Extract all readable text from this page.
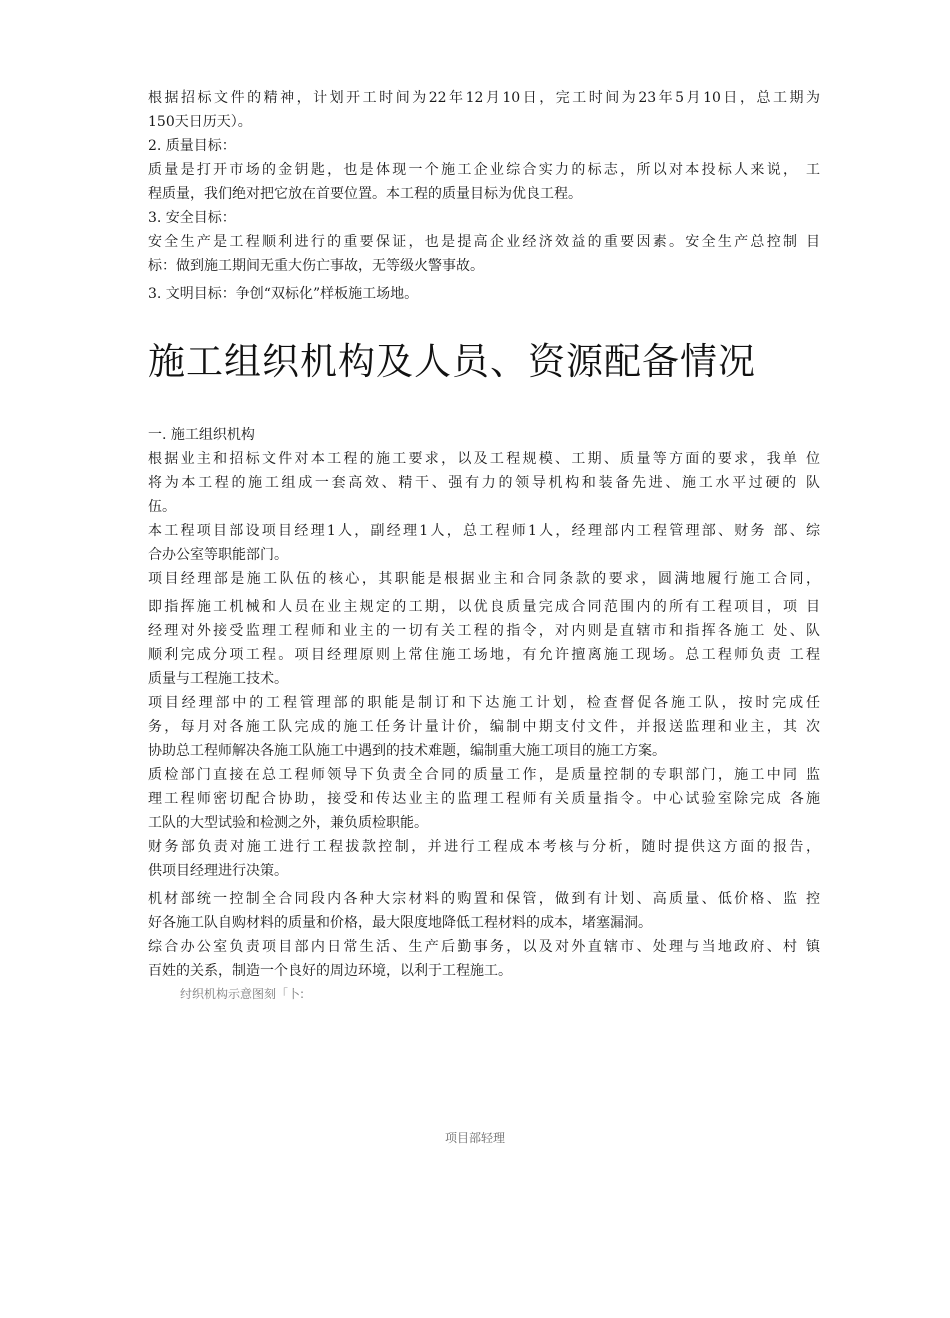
根据招标文件的精神，计划开工时间为22年12月10日，完工时间为23年5月10日，总工期为
150天日历天）。
2. 质量目标：
质量是打开市场的金钥匙，也是体现一个施工企业综合实力的标志，所以对本投标人来说， 工
程质量，我们绝对把它放在首要位置。本工程的质量目标为优良工程。
3. 安全目标：
安全生产是工程顺利进行的重要保证，也是提高企业经济效益的重要因素。安全生产总控制 目
标：做到施工期间无重大伤亡事故，无等级火警事故。
3. 文明目标：争创“双标化”样板施工场地。
施工组织机构及人员、资源配备情况
一. 施工组织机构
根据业主和招标文件对本工程的施工要求，以及工程规模、工期、质量等方面的要求，我单 位
将为本工程的施工组成一套高效、精干、强有力的领导机构和装备先进、施工水平过硬的 队
伍。
本工程项目部设项目经理1人，副经理1人，总工程师1人，经理部内工程管理部、财务 部、综
合办公室等职能部门。
项目经理部是施工队伍的核心，其职能是根据业主和合同条款的要求，圆满地履行施工合同，
即指挥施工机械和人员在业主规定的工期，以优良质量完成合同范围内的所有工程项目，项 目
经理对外接受监理工程师和业主的一切有关工程的指令，对内则是直辖市和指挥各施工 处、队
顺利完成分项工程。项目经理原则上常住施工场地，有允许擅离施工现场。总工程师负责 工程
质量与工程施工技术。
项目经理部中的工程管理部的职能是制订和下达施工计划，检查督促各施工队，按时完成任
务，每月对各施工队完成的施工任务计量计价，编制中期支付文件，并报送监理和业主，其 次
协助总工程师解决各施工队施工中遇到的技术难题，编制重大施工项目的施工方案。
质检部门直接在总工程师领导下负责全合同的质量工作，是质量控制的专职部门，施工中同 监
理工程师密切配合协助，接受和传达业主的监理工程师有关质量指令。中心试验室除完成 各施
工队的大型试验和检测之外，兼负质检职能。
财务部负责对施工进行工程拔款控制，并进行工程成本考核与分析，随时提供这方面的报告，
供项目经理进行决策。
机材部统一控制全合同段内各种大宗材料的购置和保管，做到有计划、高质量、低价格、监 控
好各施工队自购材料的质量和价格，最大限度地降低工程材料的成本，堵塞漏洞。
综合办公室负责项目部内日常生活、生产后勤事务，以及对外直辖市、处理与当地政府、村 镇
百姓的关系，制造一个良好的周边环境，以利于工程施工。
纣织机构示意图刻「卜:
项目部轻理
